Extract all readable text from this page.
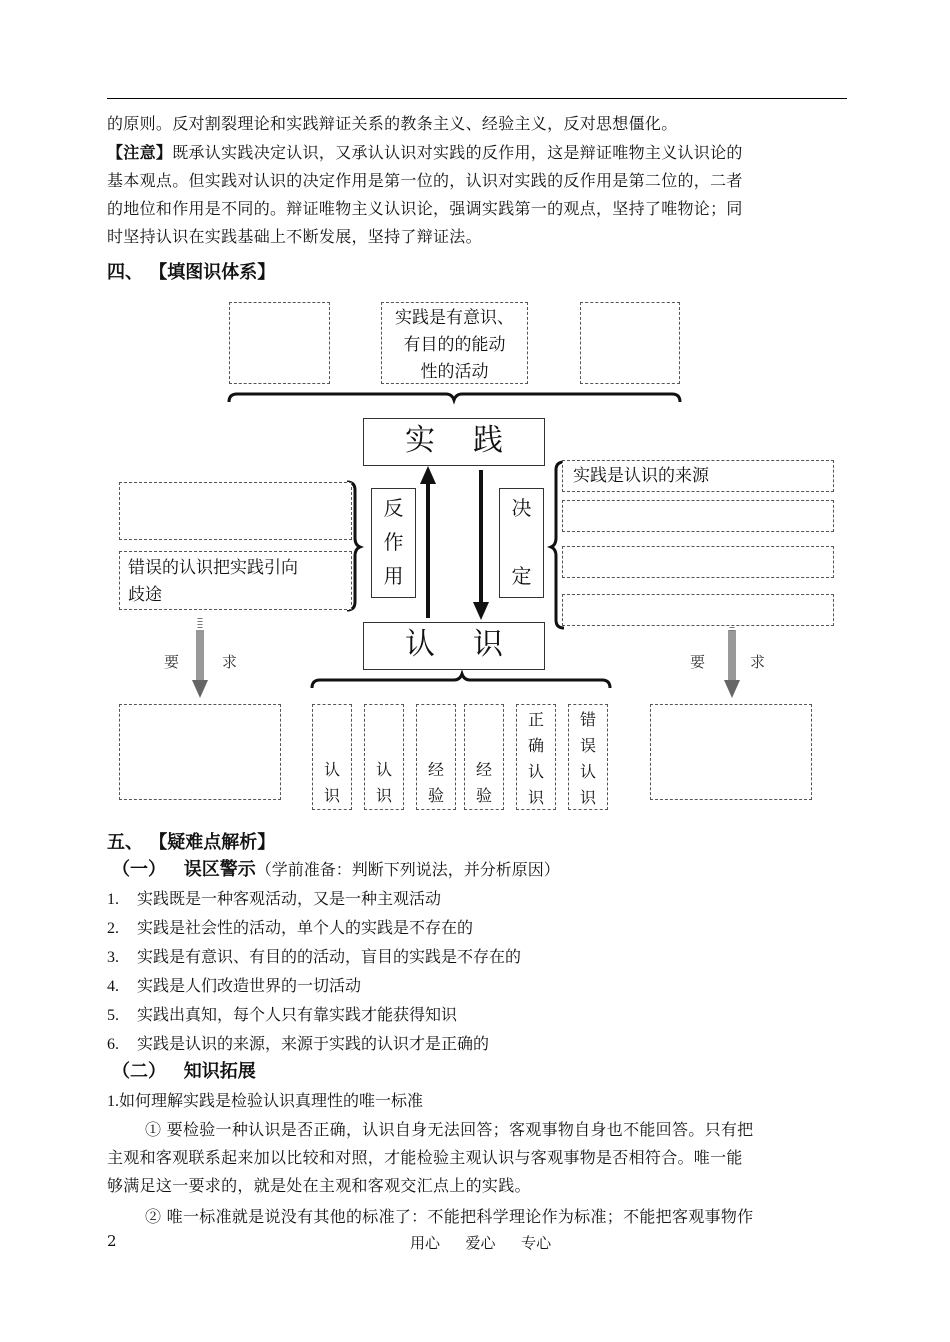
的原则。反对割裂理论和实践辩证关系的教条主义、经验主义，反对思想僵化。
【注意】既承认实践决定认识，又承认认识对实践的反作用，这是辩证唯物主义认识论的
基本观点。但实践对认识的决定作用是第一位的，认识对实践的反作用是第二位的，二者
的地位和作用是不同的。辩证唯物主义认识论，强调实践第一的观点，坚持了唯物论；同
时坚持认识在实践基础上不断发展，坚持了辩证法。
四、 【填图识体系】
实践是有意识、
有目的的能动
性的活动
实践
认识
反
作
用
决
定
错误的认识把实践引向
歧途
实践是认识的来源
要	求	要	求
认
识
认
识
经
验
经
验
正
确
认
识
错
误
认
识
五、 【疑难点解析】
（一） 误区警示（学前准备：判断下列说法，并分析原因）
1. 实践既是一种客观活动，又是一种主观活动
2. 实践是社会性的活动，单个人的实践是不存在的
3. 实践是有意识、有目的的活动，盲目的实践是不存在的
4. 实践是人们改造世界的一切活动
5. 实践出真知，每个人只有靠实践才能获得知识
6. 实践是认识的来源，来源于实践的认识才是正确的
（二） 知识拓展
1.如何理解实践是检验认识真理性的唯一标准
① 要检验一种认识是否正确，认识自身无法回答；客观事物自身也不能回答。只有把
主观和客观联系起来加以比较和对照，才能检验主观认识与客观事物是否相符合。唯一能
够满足这一要求的，就是处在主观和客观交汇点上的实践。
② 唯一标准就是说没有其他的标准了：不能把科学理论作为标准；不能把客观事物作
2	用心  爱心  专心
